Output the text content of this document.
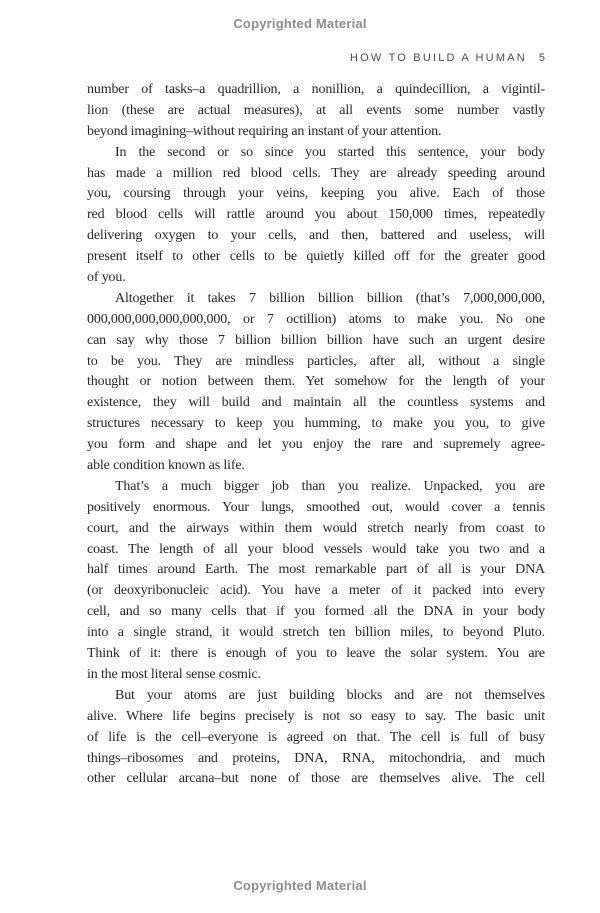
Copyrighted Material
HOW TO BUILD A HUMAN 5
number of tasks–a quadrillion, a nonillion, a quindecillion, a vigintil-
lion (these are actual measures), at all events some number vastly
beyond imagining–without requiring an instant of your attention.
In the second or so since you started this sentence, your body
has made a million red blood cells. They are already speeding around
you, coursing through your veins, keeping you alive. Each of those
red blood cells will rattle around you about 150,000 times, repeatedly
delivering oxygen to your cells, and then, battered and useless, will
present itself to other cells to be quietly killed off for the greater good
of you.
Altogether it takes 7 billion billion billion (that’s 7,000,000,000,
000,000,000,000,000,000, or 7 octillion) atoms to make you. No one
can say why those 7 billion billion billion have such an urgent desire
to be you. They are mindless particles, after all, without a single
thought or notion between them. Yet somehow for the length of your
existence, they will build and maintain all the countless systems and
structures necessary to keep you humming, to make you you, to give
you form and shape and let you enjoy the rare and supremely agree-
able condition known as life.
That’s a much bigger job than you realize. Unpacked, you are
positively enormous. Your lungs, smoothed out, would cover a tennis
court, and the airways within them would stretch nearly from coast to
coast. The length of all your blood vessels would take you two and a
half times around Earth. The most remarkable part of all is your DNA
(or deoxyribonucleic acid). You have a meter of it packed into every
cell, and so many cells that if you formed all the DNA in your body
into a single strand, it would stretch ten billion miles, to beyond Pluto.
Think of it: there is enough of you to leave the solar system. You are
in the most literal sense cosmic.
But your atoms are just building blocks and are not themselves
alive. Where life begins precisely is not so easy to say. The basic unit
of life is the cell–everyone is agreed on that. The cell is full of busy
things–ribosomes and proteins, DNA, RNA, mitochondria, and much
other cellular arcana–but none of those are themselves alive. The cell
Copyrighted Material
